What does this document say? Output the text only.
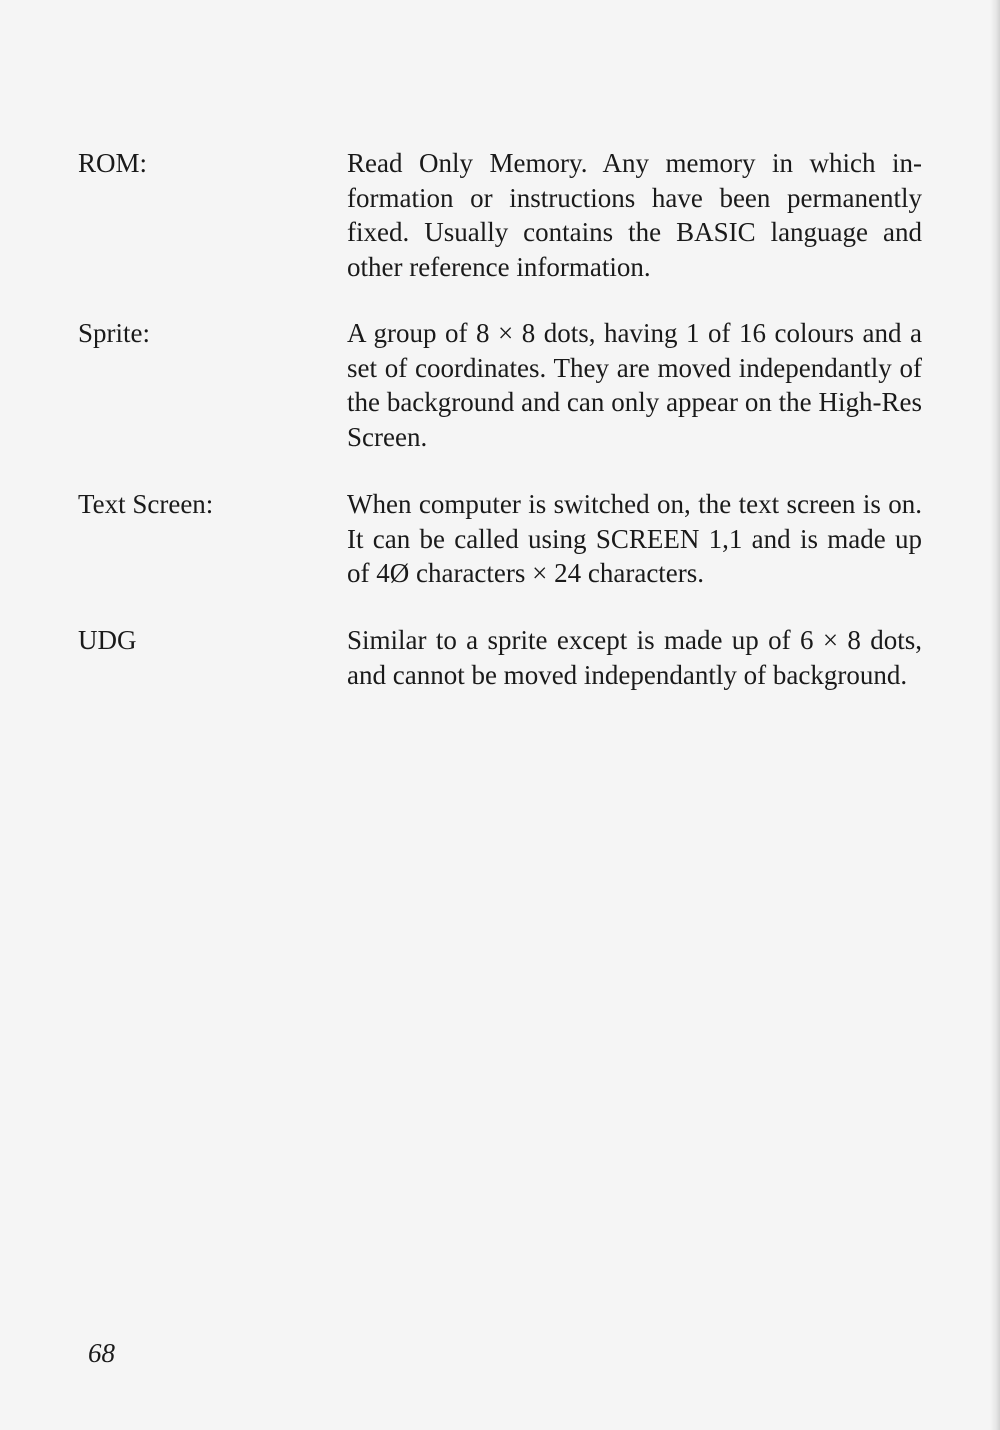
ROM:	Read Only Memory. Any memory in which information or instructions have been permanently fixed. Usually contains the BASIC language and other reference information.
Sprite:	A group of 8 × 8 dots, having 1 of 16 colours and a set of coordinates. They are moved independantly of the background and can only appear on the High-Res Screen.
Text Screen:	When computer is switched on, the text screen is on. It can be called using SCREEN 1,1 and is made up of 4Ø characters × 24 characters.
UDG	Similar to a sprite except is made up of 6 × 8 dots, and cannot be moved independantly of background.
68
